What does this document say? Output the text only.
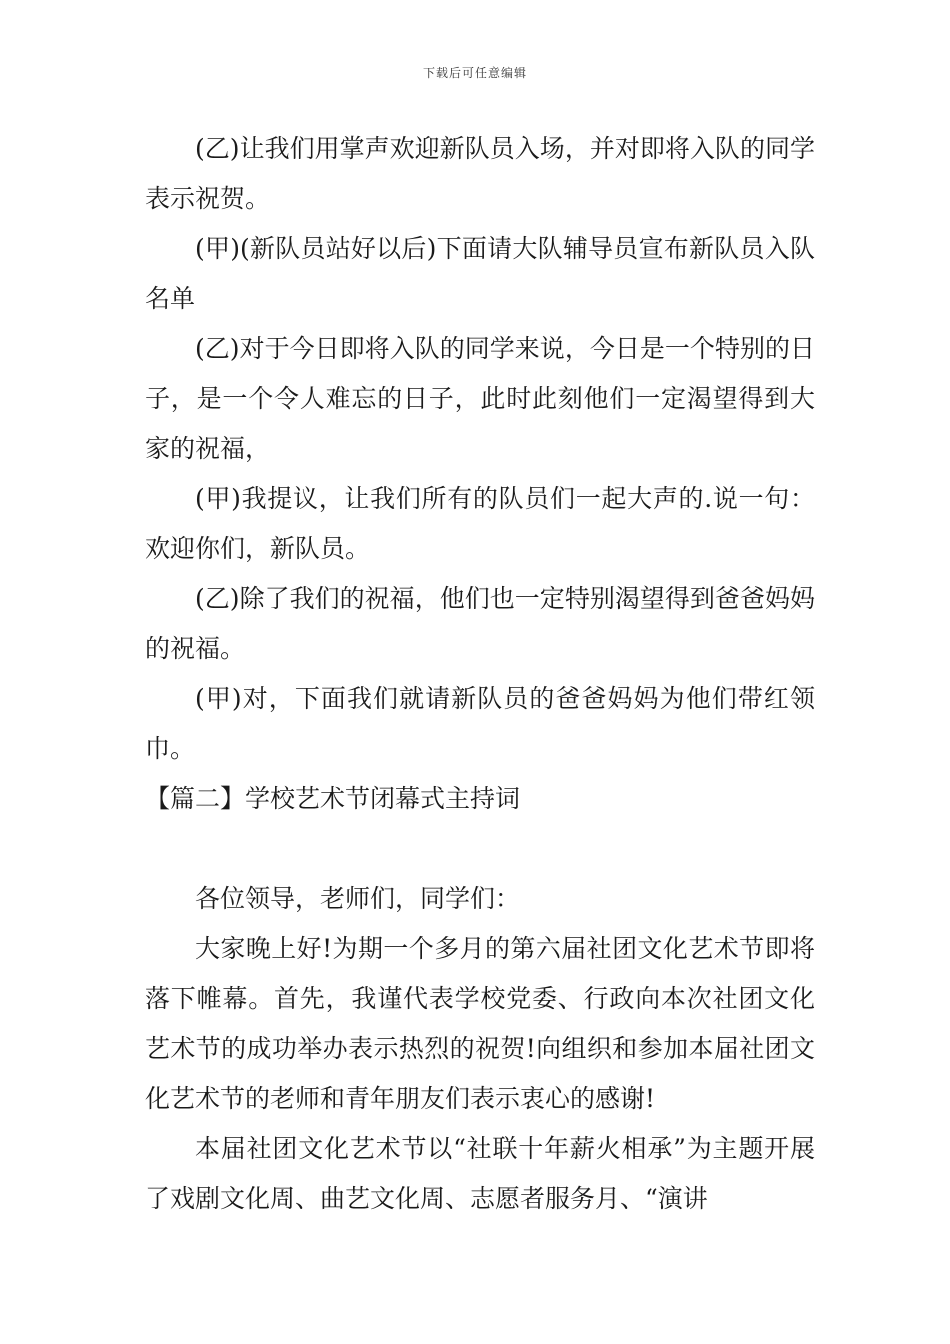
下载后可任意编辑

(乙)让我们用掌声欢迎新队员入场，并对即将入队的同学表示祝贺。

(甲)(新队员站好以后)下面请大队辅导员宣布新队员入队名单

(乙)对于今日即将入队的同学来说，今日是一个特别的日子，是一个令人难忘的日子，此时此刻他们一定渴望得到大家的祝福，

(甲)我提议，让我们所有的队员们一起大声的.说一句：欢迎你们，新队员。

(乙)除了我们的祝福，他们也一定特别渴望得到爸爸妈妈的祝福。

(甲)对，下面我们就请新队员的爸爸妈妈为他们带红领巾。

【篇二】学校艺术节闭幕式主持词

各位领导，老师们，同学们：

大家晚上好!为期一个多月的第六届社团文化艺术节即将落下帷幕。首先，我谨代表学校党委、行政向本次社团文化艺术节的成功举办表示热烈的祝贺!向组织和参加本届社团文化艺术节的老师和青年朋友们表示衷心的感谢!

本届社团文化艺术节以“社联十年薪火相承”为主题开展了戏剧文化周、曲艺文化周、志愿者服务月、“演讲
